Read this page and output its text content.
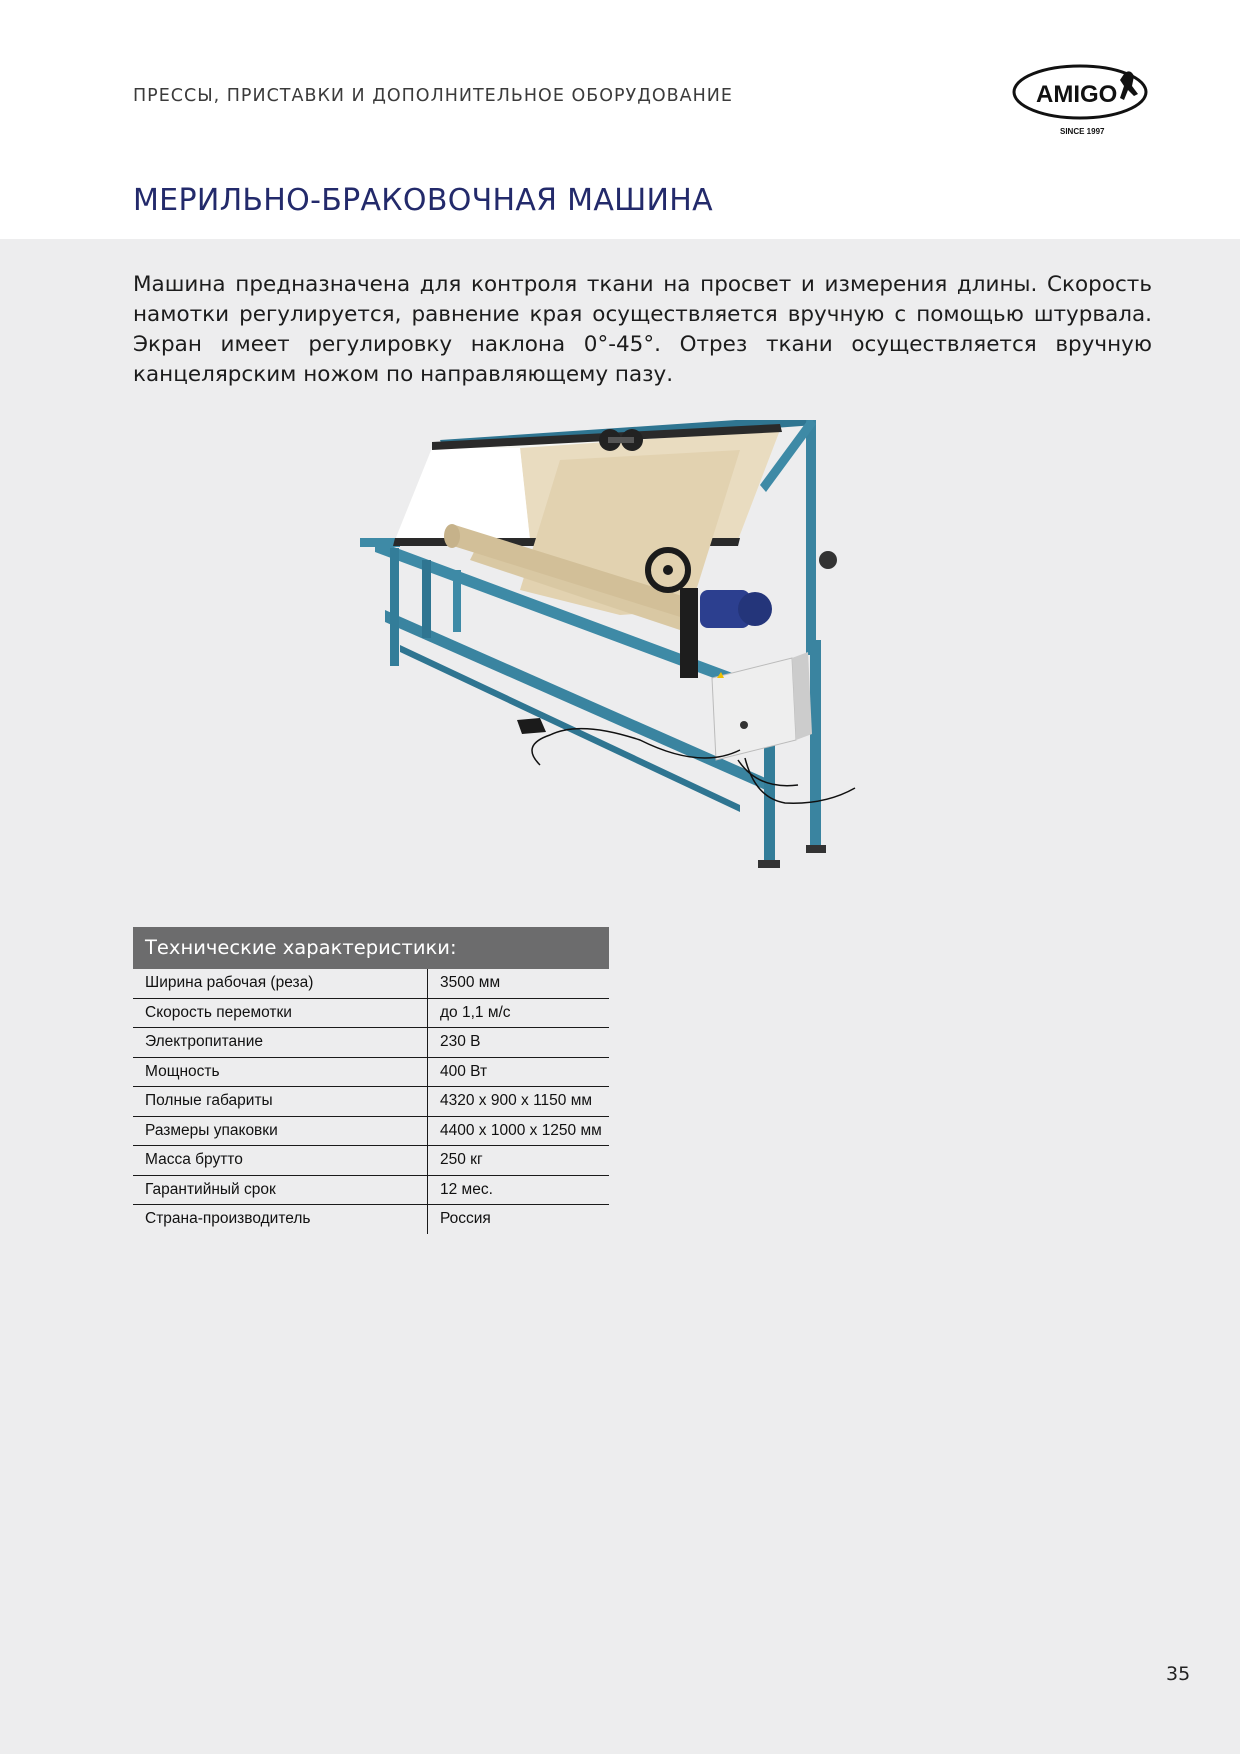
ПРЕССЫ, ПРИСТАВКИ И ДОПОЛНИТЕЛЬНОЕ ОБОРУДОВАНИЕ	AMIGO
SINCE 1997
МЕРИЛЬНО-БРАКОВОЧНАЯ МАШИНА

Машина предназначена для контроля ткани на просвет и измерения длины. Скорость намотки регулируется, равнение края осуществляется вручную с помощью штурвала. Экран имеет регулировку наклона 0°-45°. Отрез ткани осуществляется вручную канцелярским ножом по направляющему пазу.

Технические характеристики:
Ширина рабочая (реза)	3500 мм
Скорость перемотки	до 1,1 м/с
Электропитание	230 В
Мощность	400 Вт
Полные габариты	4320 х 900 х 1150 мм
Размеры упаковки	4400 х 1000 х 1250 мм
Масса брутто	250 кг
Гарантийный срок	12 мес.
Страна-производитель	Россия
35
